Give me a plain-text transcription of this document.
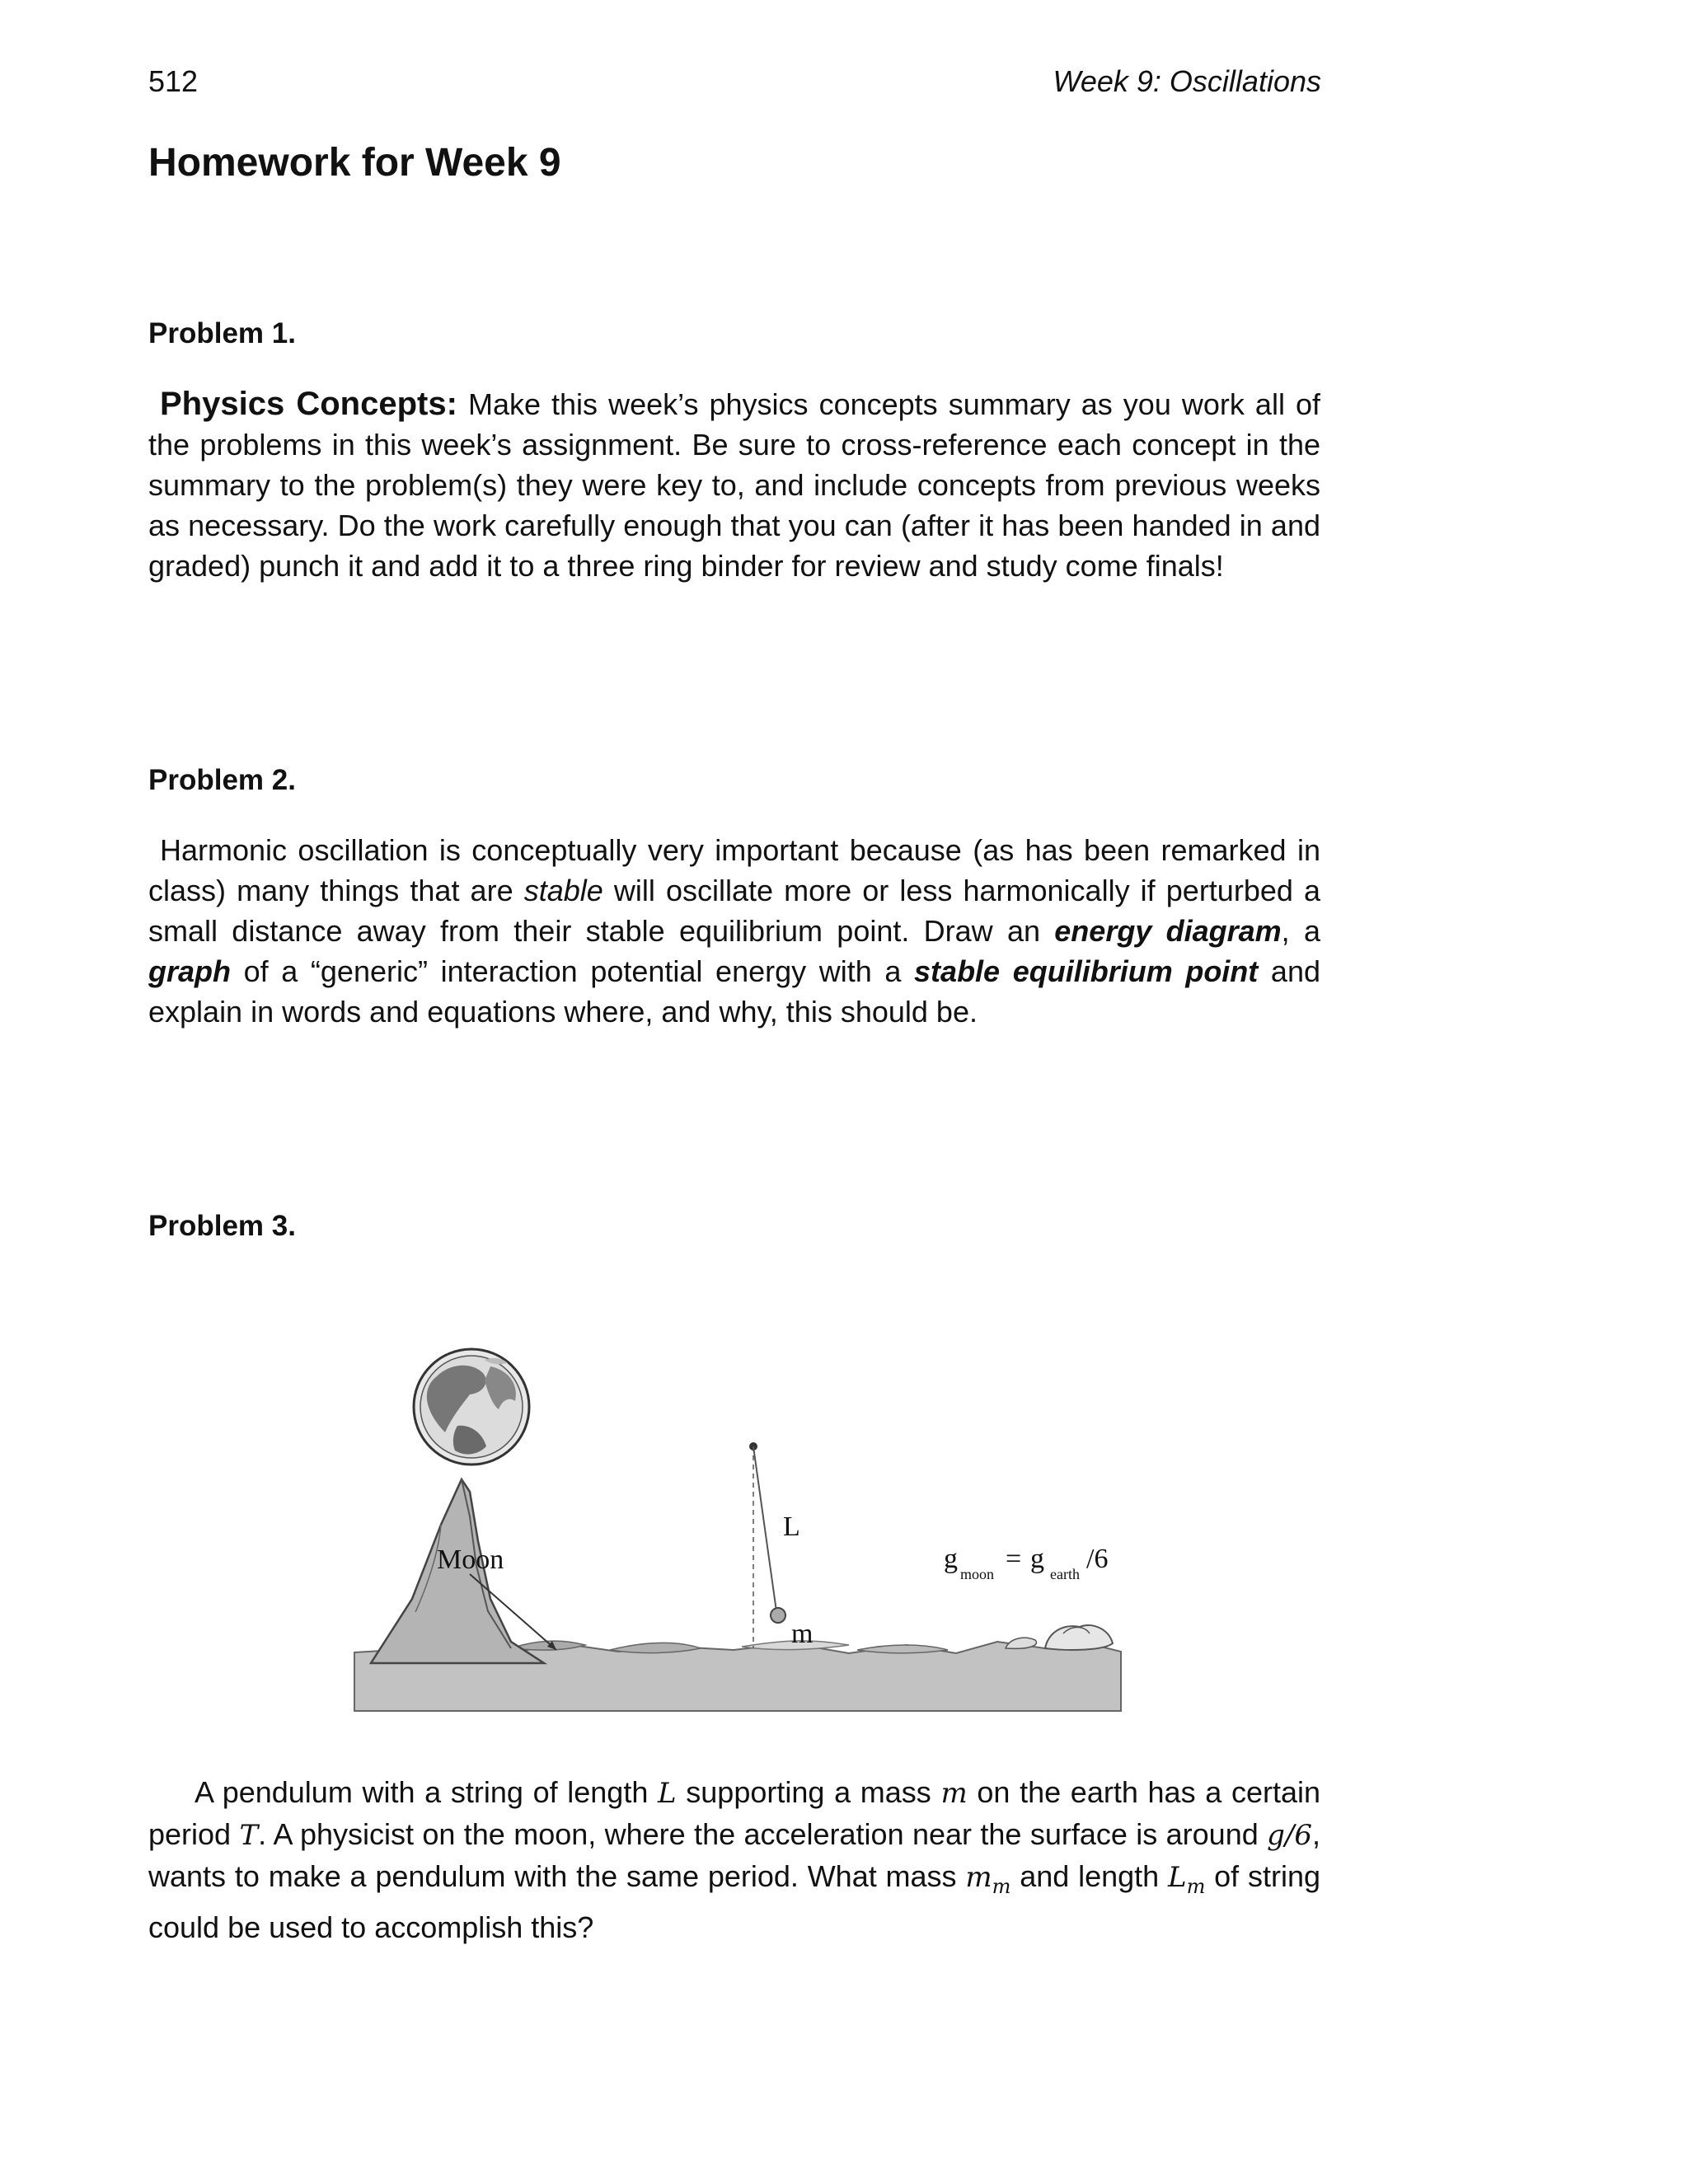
512	Week 9: Oscillations
Homework for Week 9
Problem 1.

Physics Concepts: Make this week’s physics concepts summary as you work all of the problems in this week’s assignment. Be sure to cross-reference each concept in the summary to the problem(s) they were key to, and include concepts from previous weeks as necessary. Do the work carefully enough that you can (after it has been handed in and graded) punch it and add it to a three ring binder for review and study come finals!

Problem 2.

Harmonic oscillation is conceptually very important because (as has been remarked in class) many things that are stable will oscillate more or less harmonically if perturbed a small distance away from their stable equilibrium point. Draw an energy diagram, a graph of a “generic” interaction potential energy with a stable equilibrium point and explain in words and equations where, and why, this should be.

Problem 3.
Moon
L
m
g moon = g earth /6

A pendulum with a string of length L supporting a mass m on the earth has a certain period T. A physicist on the moon, where the acceleration near the surface is around g/6, wants to make a pendulum with the same period. What mass $m_m$ and length $L_m$ of string could be used to accomplish this?
